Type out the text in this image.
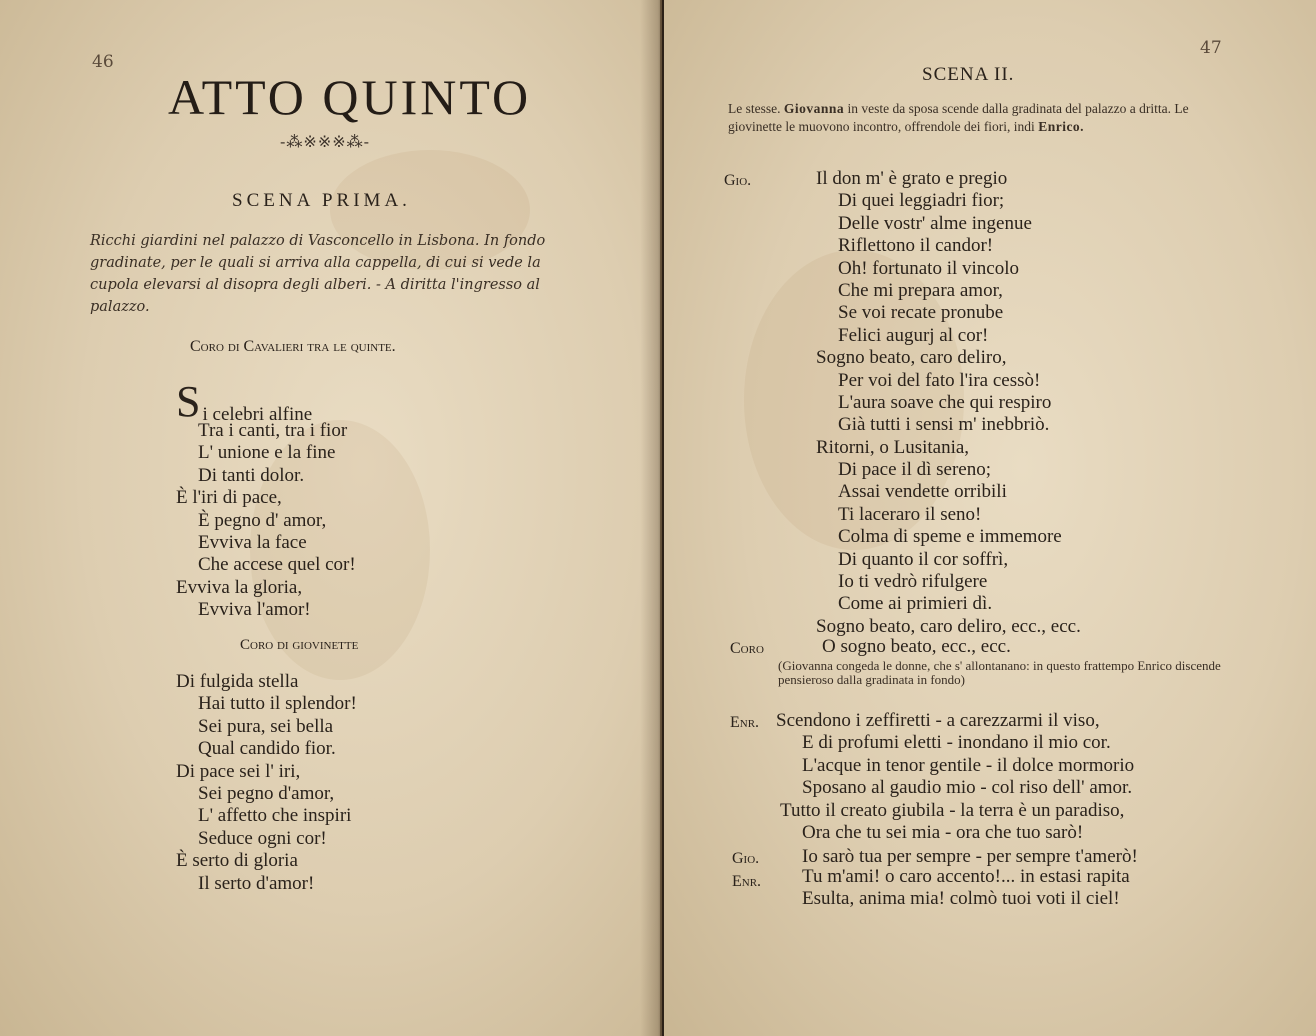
46
ATTO QUINTO
-⁂※※※⁂-
SCENA PRIMA.
Ricchi giardini nel palazzo di Vasconcello in Lisbona. In fondo gradinate, per le quali si arriva alla cappella, di cui si vede la cupola elevarsi al disopra degli alberi. - A diritta l'ingresso al palazzo.
Coro di Cavalieri tra le quinte.
S i celebri alfine
Tra i canti, tra i fior
L' unione e la fine
Di tanti dolor.
È l'iri di pace,
È pegno d' amor,
Evviva la face
Che accese quel cor!
Evviva la gloria,
Evviva l'amor!
Coro di giovinette
Di fulgida stella
Hai tutto il splendor!
Sei pura, sei bella
Qual candido fior.
Di pace sei l' iri,
Sei pegno d'amor,
L' affetto che inspiri
Seduce ogni cor!
È serto di gloria
Il serto d'amor!
47
SCENA II.
Le stesse. Giovanna in veste da sposa scende dalla gradinata del palazzo a dritta. Le giovinette le muovono incontro, offrendole dei fiori, indi Enrico.
Gio.	Il don m' è grato e pregio
Di quei leggiadri fior;
Delle vostr' alme ingenue
Riflettono il candor!
Oh! fortunato il vincolo
Che mi prepara amor,
Se voi recate pronube
Felici augurj al cor!
Sogno beato, caro deliro,
Per voi del fato l'ira cessò!
L'aura soave che qui respiro
Già tutti i sensi m' inebbriò.
Ritorni, o Lusitania,
Di pace il dì sereno;
Assai vendette orribili
Ti laceraro il seno!
Colma di speme e immemore
Di quanto il cor soffrì,
Io ti vedrò rifulgere
Come ai primieri dì.
Sogno beato, caro deliro, ecc., ecc.
Coro	O sogno beato, ecc., ecc.
(Giovanna congeda le donne, che s' allontanano: in questo frattempo Enrico discende pensieroso dalla gradinata in fondo)
Enr. Scendono i zeffiretti - a carezzarmi il viso,
E di profumi eletti - inondano il mio cor.
L'acque in tenor gentile - il dolce mormorio
Sposano al gaudio mio - col riso dell' amor.
Tutto il creato giubila - la terra è un paradiso,
Ora che tu sei mia - ora che tuo sarò!
Gio. Io sarò tua per sempre - per sempre t'amerò!
Enr. Tu m'ami! o caro accento!... in estasi rapita
Esulta, anima mia! colmò tuoi voti il ciel!
